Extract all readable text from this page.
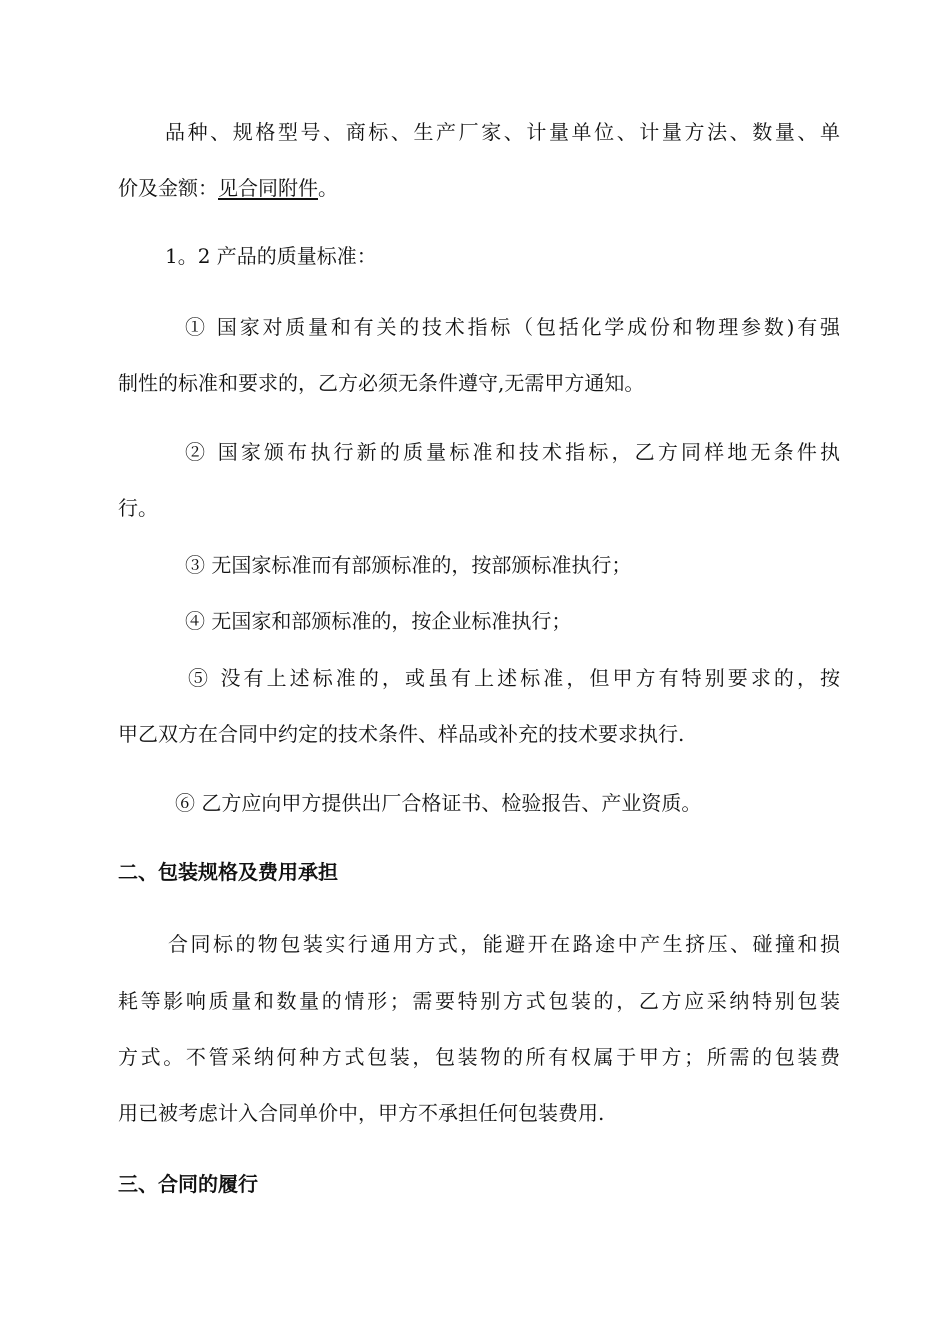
品种、规格型号、商标、生产厂家、计量单位、计量方法、数量、单
价及金额：见合同附件。
1。2 产品的质量标准：
① 国家对质量和有关的技术指标（包括化学成份和物理参数)有强
制性的标准和要求的，乙方必须无条件遵守,无需甲方通知。
② 国家颁布执行新的质量标准和技术指标，乙方同样地无条件执
行。
③ 无国家标准而有部颁标准的，按部颁标准执行；
④ 无国家和部颁标准的，按企业标准执行；
⑤ 没有上述标准的，或虽有上述标准，但甲方有特别要求的，按
甲乙双方在合同中约定的技术条件、样品或补充的技术要求执行.
⑥ 乙方应向甲方提供出厂合格证书、检验报告、产业资质。
二、包装规格及费用承担
合同标的物包装实行通用方式，能避开在路途中产生挤压、碰撞和损
耗等影响质量和数量的情形；需要特别方式包装的，乙方应采纳特别包装
方式。不管采纳何种方式包装，包装物的所有权属于甲方；所需的包装费
用已被考虑计入合同单价中，甲方不承担任何包装费用.
三、合同的履行
